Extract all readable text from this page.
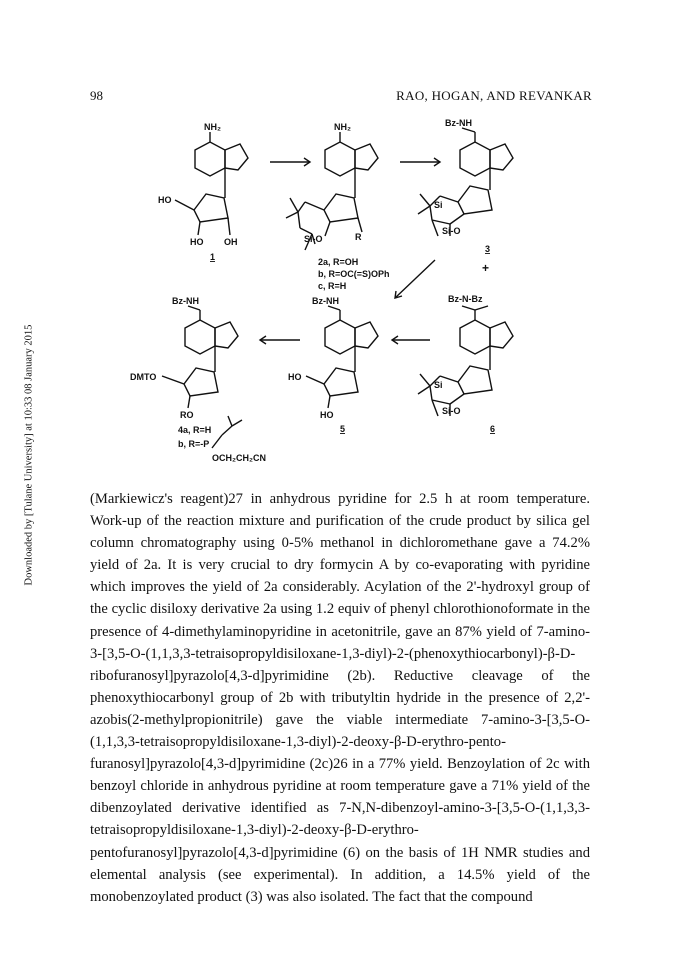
98	RAO, HOGAN, AND REVANKAR
Downloaded by [Tulane University] at 10:33 08 January 2015
NH₂
HO
HO OH
1
NH₂
R
Si‑O
2a, R=OH
b, R=OC(=S)OPh
c, R=H
Bz‑NH
Si
Si‑O
3
+
Bz‑NH
DMTO
RO
4a, R=H
b, R=‑P
OCH₂CH₂CN
Bz‑NH
HO
HO
5
Bz‑N‑Bz
Si
Si‑O
6

(Markiewicz's reagent)27 in anhydrous pyridine for 2.5 h at room temperature. Work-up of the reaction mixture and purification of the crude product by silica gel column chromatography using 0-5% methanol in dichloromethane gave a 74.2% yield of 2a. It is very crucial to dry formycin A by co-evaporating with pyridine which improves the yield of 2a considerably. Acylation of the 2'-hydroxyl group of the cyclic disiloxy derivative 2a using 1.2 equiv of phenyl chlorothionoformate in the presence of 4-dimethylaminopyridine in acetonitrile, gave an 87% yield of 7-amino-3-[3,5-O-(1,1,3,3-tetraisopropyldisiloxane-1,3-diyl)-2-(phenoxythiocarbonyl)-β-D-ribofuranosyl]pyrazolo[4,3-d]pyrimidine (2b). Reductive cleavage of the phenoxythiocarbonyl group of 2b with tributyltin hydride in the presence of 2,2'-azobis(2-methylpropionitrile) gave the viable intermediate 7-amino-3-[3,5-O-(1,1,3,3-tetraisopropyldisiloxane-1,3-diyl)-2-deoxy-β-D-erythro-pento-furanosyl]pyrazolo[4,3-d]pyrimidine (2c)26 in a 77% yield. Benzoylation of 2c with benzoyl chloride in anhydrous pyridine at room temperature gave a 71% yield of the dibenzoylated derivative identified as 7-N,N-dibenzoyl-amino-3-[3,5-O-(1,1,3,3-tetraisopropyldisiloxane-1,3-diyl)-2-deoxy-β-D-erythro-pentofuranosyl]pyrazolo[4,3-d]pyrimidine (6) on the basis of 1H NMR studies and elemental analysis (see experimental). In addition, a 14.5% yield of the monobenzoylated product (3) was also isolated. The fact that the compound
